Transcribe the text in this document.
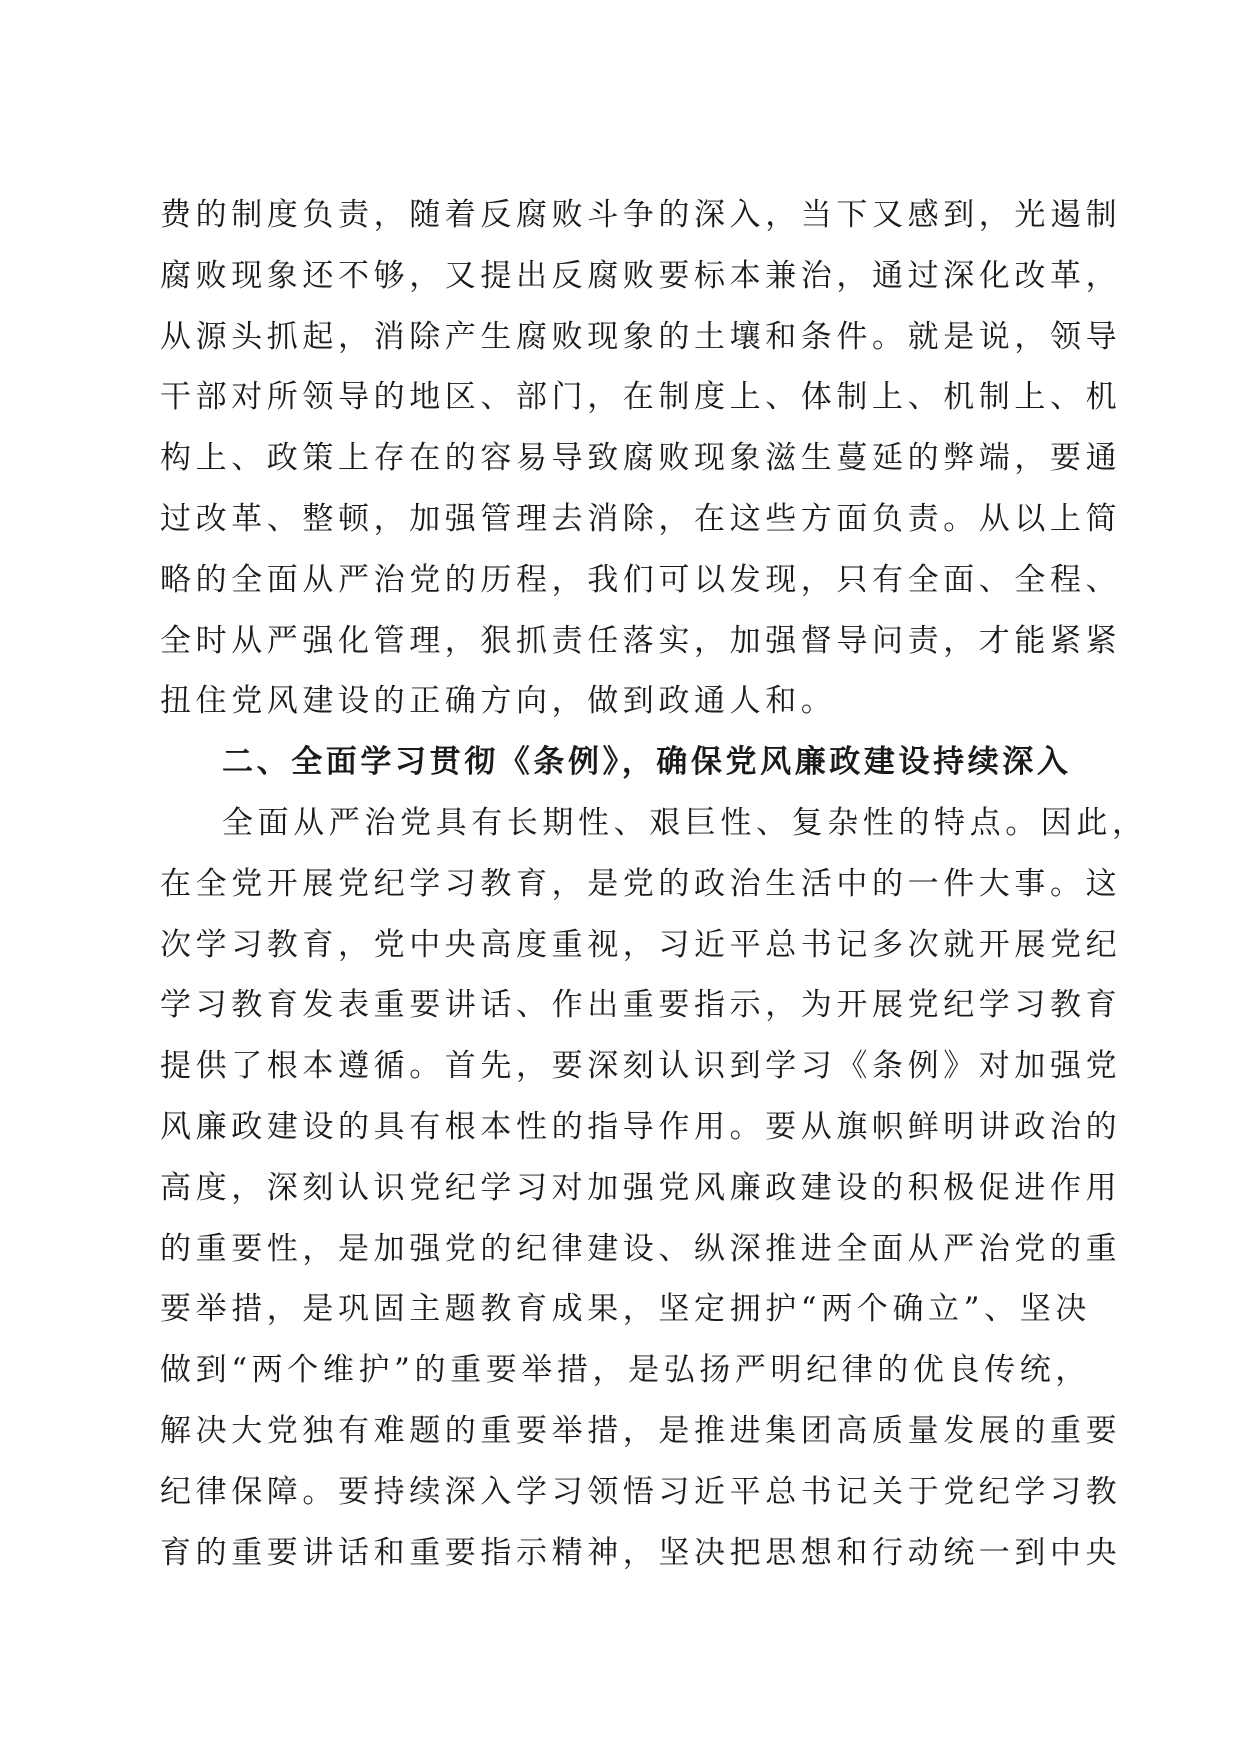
费的制度负责，随着反腐败斗争的深入，当下又感到，光遏制
腐败现象还不够，又提出反腐败要标本兼治，通过深化改革，
从源头抓起，消除产生腐败现象的土壤和条件。就是说，领导
干部对所领导的地区、部门，在制度上、体制上、机制上、机
构上、政策上存在的容易导致腐败现象滋生蔓延的弊端，要通
过改革、整顿，加强管理去消除，在这些方面负责。从以上简
略的全面从严治党的历程，我们可以发现，只有全面、全程、
全时从严强化管理，狠抓责任落实，加强督导问责，才能紧紧
扭住党风建设的正确方向，做到政通人和。
二、全面学习贯彻《条例》，确保党风廉政建设持续深入
全面从严治党具有长期性、艰巨性、复杂性的特点。因此，
在全党开展党纪学习教育，是党的政治生活中的一件大事。这
次学习教育，党中央高度重视，习近平总书记多次就开展党纪
学习教育发表重要讲话、作出重要指示，为开展党纪学习教育
提供了根本遵循。首先，要深刻认识到学习《条例》对加强党
风廉政建设的具有根本性的指导作用。要从旗帜鲜明讲政治的
高度，深刻认识党纪学习对加强党风廉政建设的积极促进作用
的重要性，是加强党的纪律建设、纵深推进全面从严治党的重
要举措，是巩固主题教育成果，坚定拥护“两个确立”、坚决
做到“两个维护”的重要举措，是弘扬严明纪律的优良传统，
解决大党独有难题的重要举措，是推进集团高质量发展的重要
纪律保障。要持续深入学习领悟习近平总书记关于党纪学习教
育的重要讲话和重要指示精神，坚决把思想和行动统一到中央
